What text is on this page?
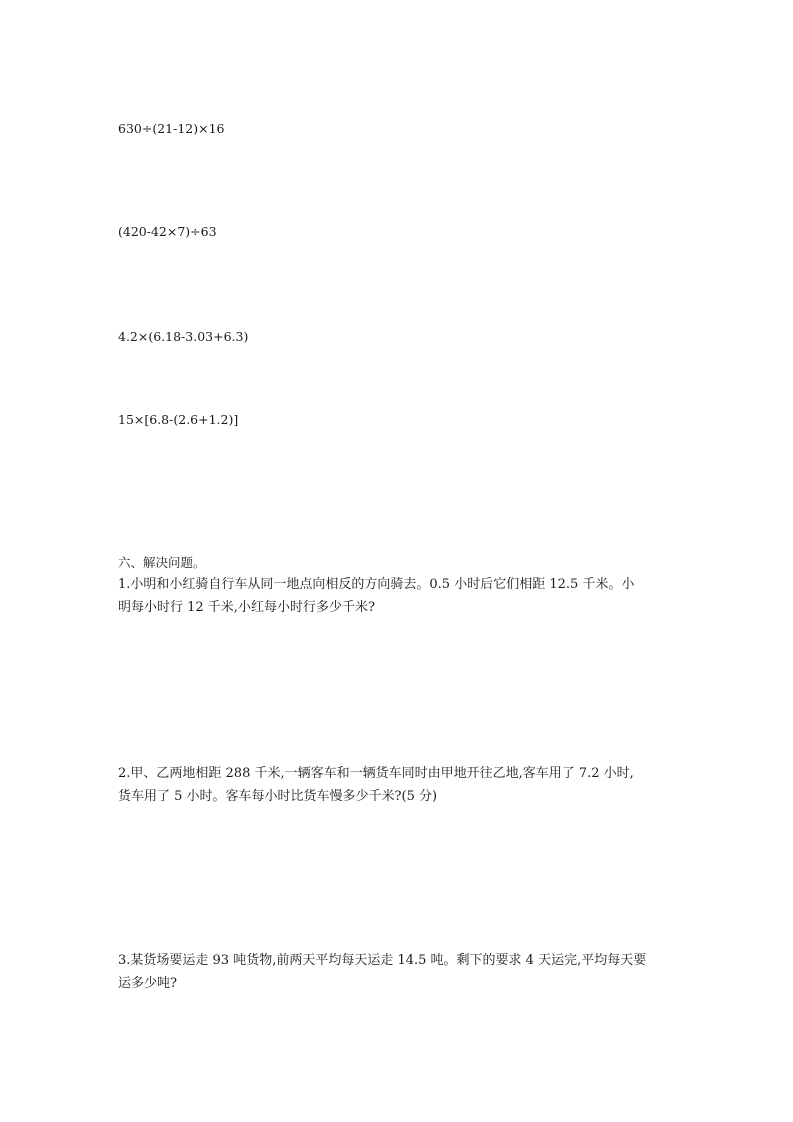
630÷(21-12)×16
(420-42×7)÷63
4.2×(6.18-3.03+6.3)
15×[6.8-(2.6+1.2)]
六、解决问题。
1.小明和小红骑自行车从同一地点向相反的方向骑去。0.5 小时后它们相距 12.5 千米。小
明每小时行 12 千米,小红每小时行多少千米?
2.甲、乙两地相距 288 千米,一辆客车和一辆货车同时由甲地开往乙地,客车用了 7.2 小时,
货车用了 5 小时。客车每小时比货车慢多少千米?(5 分)
3.某货场要运走 93 吨货物,前两天平均每天运走 14.5 吨。剩下的要求 4 天运完,平均每天要
运多少吨?
